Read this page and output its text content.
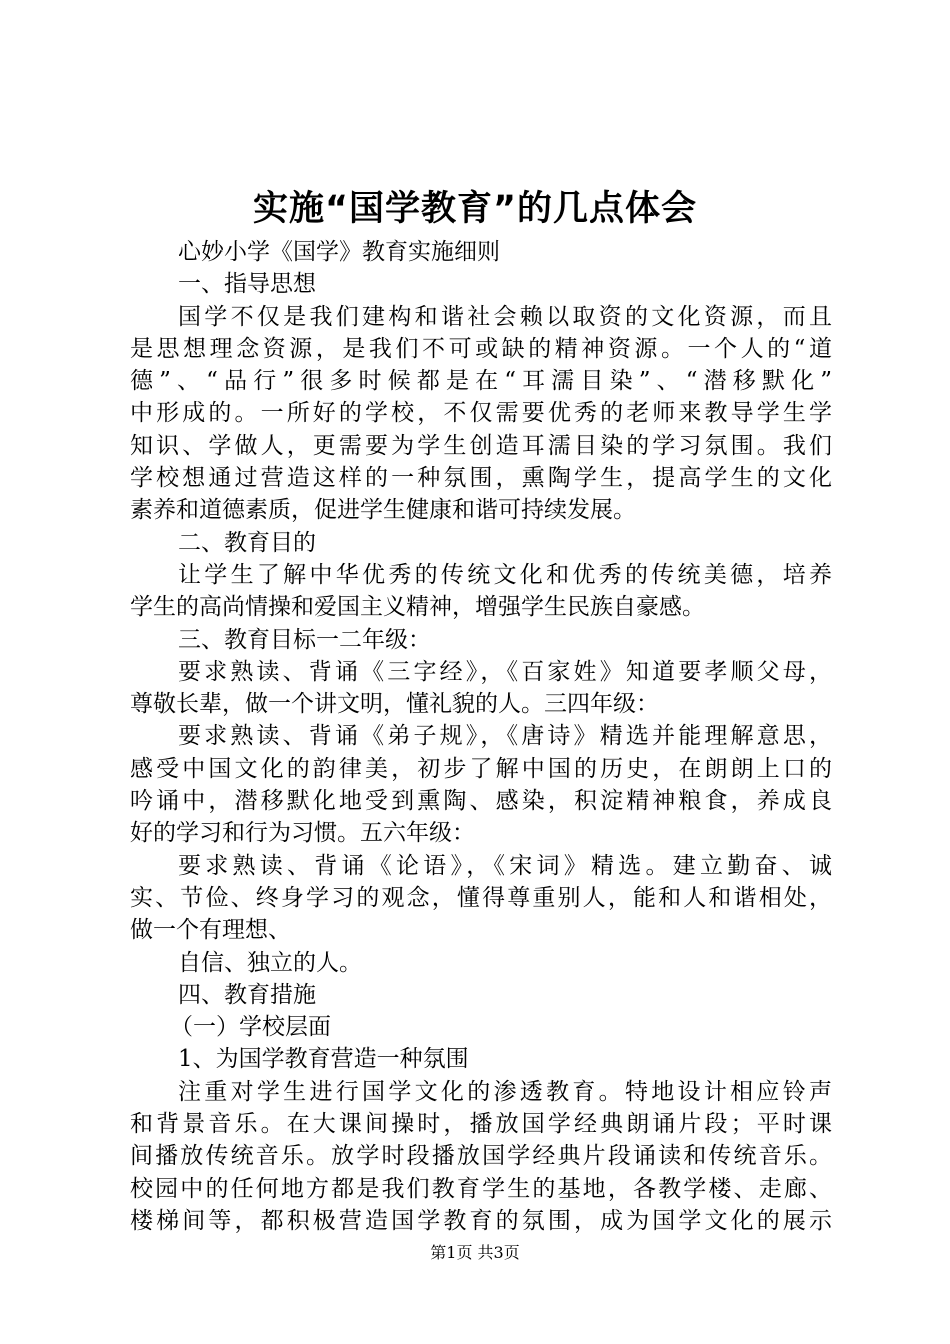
实施“国学教育”的几点体会
心妙小学《国学》教育实施细则
一、指导思想
国学不仅是我们建构和谐社会赖以取资的文化资源，而且
是思想理念资源，是我们不可或缺的精神资源。一个人的“道
德”、“品行”很多时候都是在“耳濡目染”、“潜移默化”
中形成的。一所好的学校，不仅需要优秀的老师来教导学生学
知识、学做人，更需要为学生创造耳濡目染的学习氛围。我们
学校想通过营造这样的一种氛围，熏陶学生，提高学生的文化
素养和道德素质，促进学生健康和谐可持续发展。
二、教育目的
让学生了解中华优秀的传统文化和优秀的传统美德，培养
学生的高尚情操和爱国主义精神，增强学生民族自豪感。
三、教育目标一二年级：
要求熟读、背诵《三字经》，《百家姓》知道要孝顺父母，
尊敬长辈，做一个讲文明，懂礼貌的人。三四年级：
要求熟读、背诵《弟子规》，《唐诗》精选并能理解意思，
感受中国文化的韵律美，初步了解中国的历史，在朗朗上口的
吟诵中，潜移默化地受到熏陶、感染，积淀精神粮食，养成良
好的学习和行为习惯。五六年级：
要求熟读、背诵《论语》，《宋词》精选。建立勤奋、诚
实、节俭、终身学习的观念，懂得尊重别人，能和人和谐相处，
做一个有理想、
自信、独立的人。
四、教育措施
（一）学校层面
1、为国学教育营造一种氛围
注重对学生进行国学文化的渗透教育。特地设计相应铃声
和背景音乐。在大课间操时，播放国学经典朗诵片段；平时课
间播放传统音乐。放学时段播放国学经典片段诵读和传统音乐。
校园中的任何地方都是我们教育学生的基地，各教学楼、走廊、
楼梯间等，都积极营造国学教育的氛围，成为国学文化的展示
第1页 共3页
